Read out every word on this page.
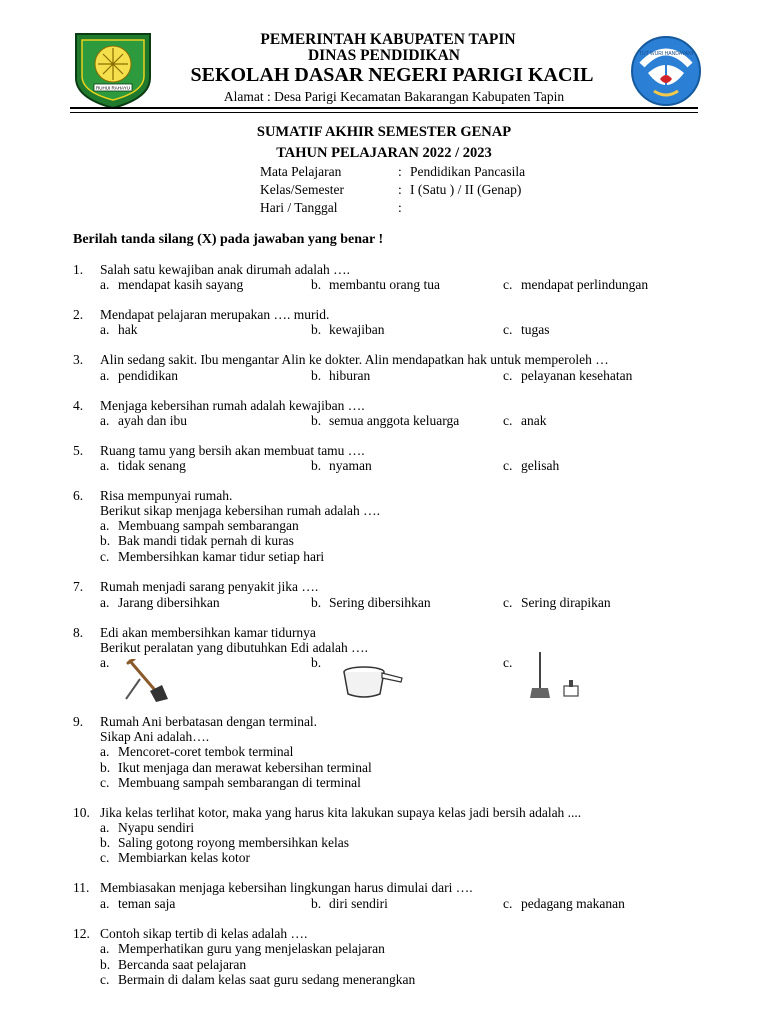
RUHUI RAHAYU
TUT WURI HANDAYANI
PEMERINTAH KABUPATEN TAPIN
DINAS PENDIDIKAN
SEKOLAH DASAR NEGERI PARIGI KACIL
Alamat : Desa Parigi Kecamatan Bakarangan Kabupaten Tapin
SUMATIF AKHIR SEMESTER GENAP
TAHUN PELAJARAN 2022 / 2023
Mata Pelajaran	: Pendidikan Pancasila
Kelas/Semester	: I (Satu ) / II (Genap)
Hari / Tanggal	:
Berilah tanda silang (X) pada jawaban yang benar !
1. Salah satu kewajiban anak dirumah adalah ….
a. mendapat kasih sayang	b. membantu orang tua	c. mendapat perlindungan
2. Mendapat pelajaran merupakan …. murid.
a. hak	b. kewajiban	c. tugas
3. Alin sedang sakit. Ibu mengantar Alin ke dokter. Alin mendapatkan hak untuk memperoleh …
a. pendidikan	b. hiburan	c. pelayanan kesehatan
4. Menjaga kebersihan rumah adalah kewajiban ….
a. ayah dan ibu	b. semua anggota keluarga	c. anak
5. Ruang tamu yang bersih akan membuat tamu ….
a. tidak senang	b. nyaman	c. gelisah
6. Risa mempunyai rumah.
Berikut sikap menjaga kebersihan rumah adalah ….
a. Membuang sampah sembarangan
b. Bak mandi tidak pernah di kuras
c. Membersihkan kamar tidur setiap hari
7. Rumah menjadi sarang penyakit jika ….
a. Jarang dibersihkan	b. Sering dibersihkan	c. Sering dirapikan
8. Edi akan membersihkan kamar tidurnya
Berikut peralatan yang dibutuhkan Edi adalah ….
a.	b.	c.
9. Rumah Ani berbatasan dengan terminal.
Sikap Ani adalah….
a. Mencoret-coret tembok terminal
b. Ikut menjaga dan merawat kebersihan terminal
c. Membuang sampah sembarangan di terminal
10. Jika kelas terlihat kotor, maka yang harus kita lakukan supaya kelas jadi bersih adalah ....
a. Nyapu sendiri
b. Saling gotong royong membersihkan kelas
c. Membiarkan kelas kotor
11. Membiasakan menjaga kebersihan lingkungan harus dimulai dari ….
a. teman saja	b. diri sendiri	c. pedagang makanan
12. Contoh sikap tertib di kelas adalah ….
a. Memperhatikan guru yang menjelaskan pelajaran
b. Bercanda saat pelajaran
c. Bermain di dalam kelas saat guru sedang menerangkan
